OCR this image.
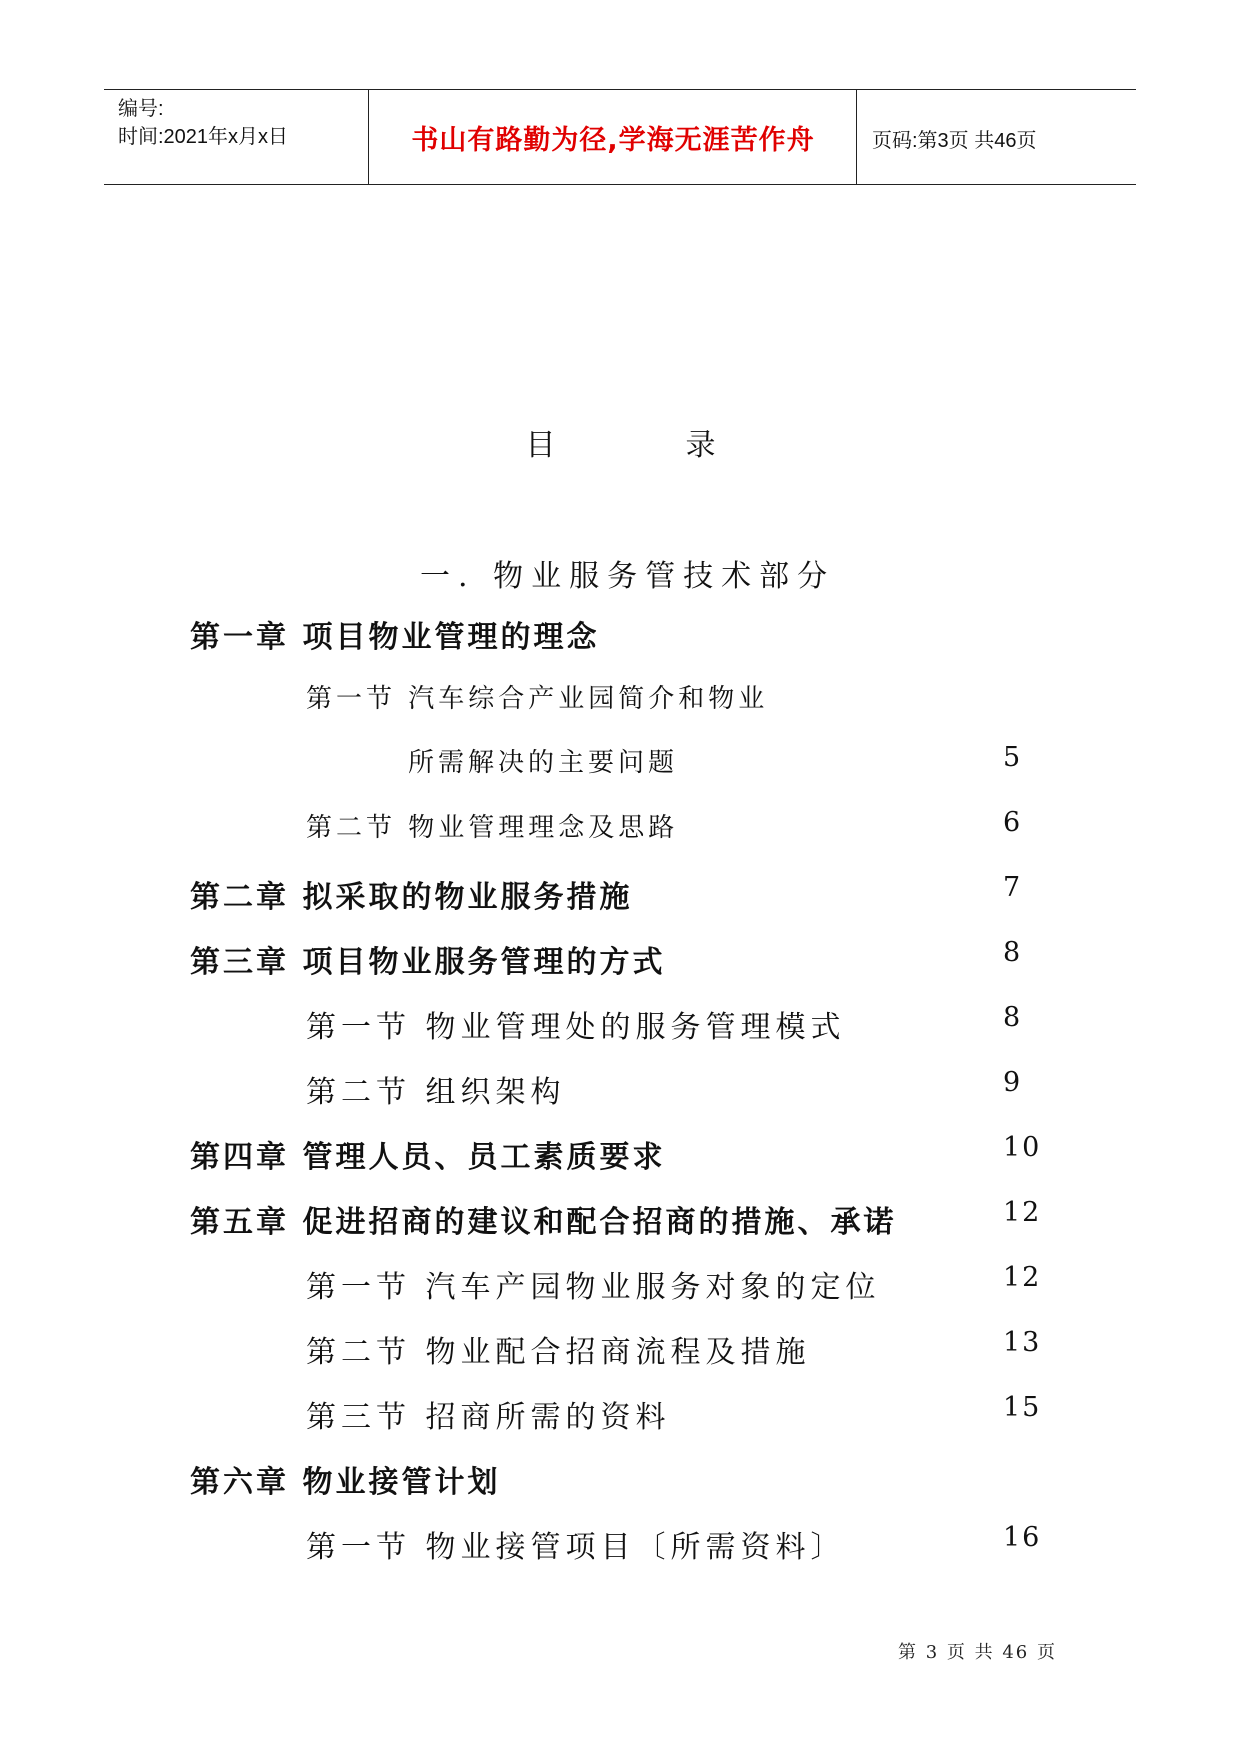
编号:
时间:2021年x月x日	书山有路勤为径,学海无涯苦作舟	页码:第3页 共46页
目录
一. 物业服务管技术部分
第一章 项目物业管理的理念
第一节 汽车综合产业园简介和物业
所需解决的主要问题	5
第二节 物业管理理念及思路	6
第二章 拟采取的物业服务措施	7
第三章 项目物业服务管理的方式	8
第一节 物业管理处的服务管理模式	8
第二节 组织架构	9
第四章 管理人员、员工素质要求	10
第五章 促进招商的建议和配合招商的措施、承诺	12
第一节 汽车产园物业服务对象的定位	12
第二节 物业配合招商流程及措施	13
第三节 招商所需的资料	15
第六章 物业接管计划
第一节 物业接管项目〔所需资料〕	16
第 3 页 共 46 页
